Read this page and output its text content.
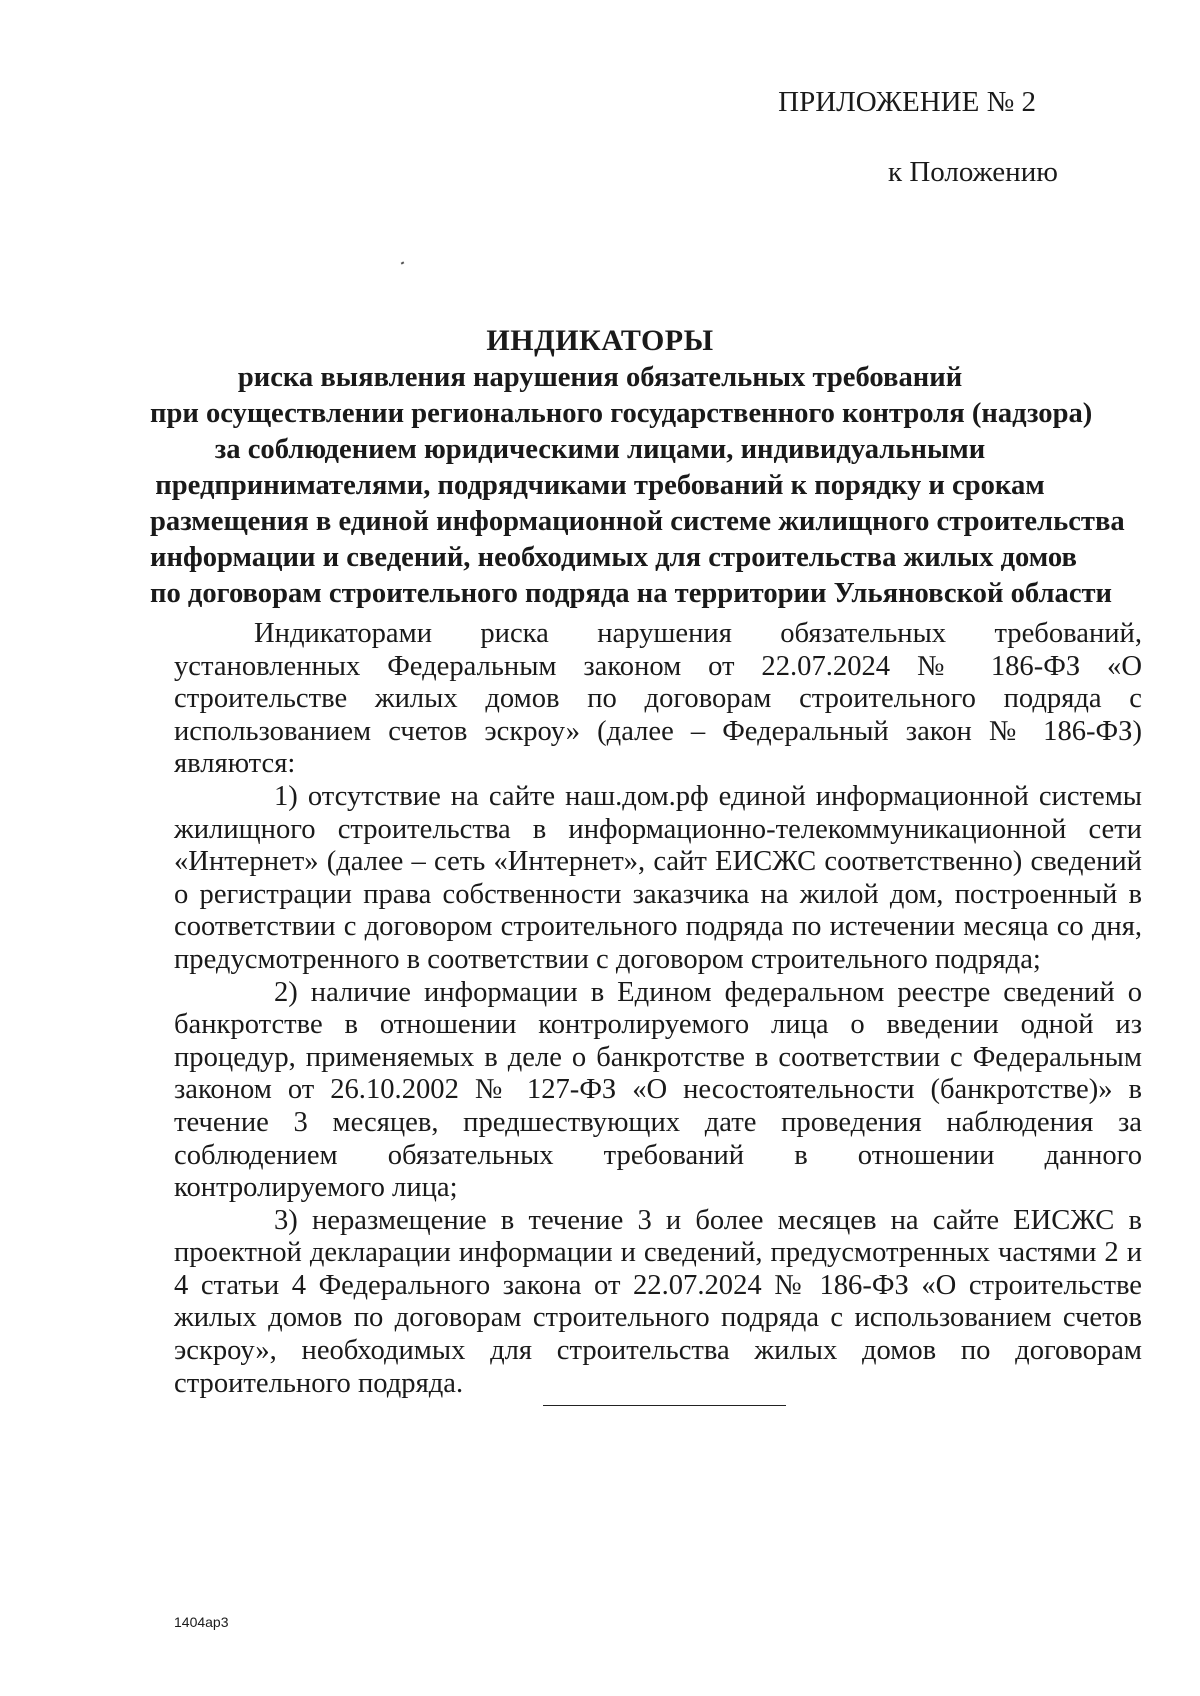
ПРИЛОЖЕНИЕ № 2
к Положению
ИНДИКАТОРЫ
риска выявления нарушения обязательных требований
при осуществлении регионального государственного контроля (надзора)
за соблюдением юридическими лицами, индивидуальными
предпринимателями, подрядчиками требований к порядку и срокам
размещения в единой информационной системе жилищного строительства
информации и сведений, необходимых для строительства жилых домов
по договорам строительного подряда на территории Ульяновской области

Индикаторами риска нарушения обязательных требований, установленных Федеральным законом от 22.07.2024 № 186-ФЗ «О строительстве жилых домов по договорам строительного подряда с использованием счетов эскроу» (далее – Федеральный закон № 186-ФЗ) являются:

1) отсутствие на сайте наш.дом.рф единой информационной системы жилищного строительства в информационно-телекоммуникационной сети «Интернет» (далее – сеть «Интернет», сайт ЕИСЖС соответственно) сведений о регистрации права собственности заказчика на жилой дом, построенный в соответствии с договором строительного подряда по истечении месяца со дня, предусмотренного в соответствии с договором строительного подряда;

2) наличие информации в Едином федеральном реестре сведений о банкротстве в отношении контролируемого лица о введении одной из процедур, применяемых в деле о банкротстве в соответствии с Федеральным законом от 26.10.2002 № 127-ФЗ «О несостоятельности (банкротстве)» в течение 3 месяцев, предшествующих дате проведения наблюдения за соблюдением обязательных требований в отношении данного контролируемого лица;

3) неразмещение в течение 3 и более месяцев на сайте ЕИСЖС в проектной декларации информации и сведений, предусмотренных частями 2 и 4 статьи 4 Федерального закона от 22.07.2024 № 186-ФЗ «О строительстве жилых домов по договорам строительного подряда с использованием счетов эскроу», необходимых для строительства жилых домов по договорам строительного подряда.

1404ар3
